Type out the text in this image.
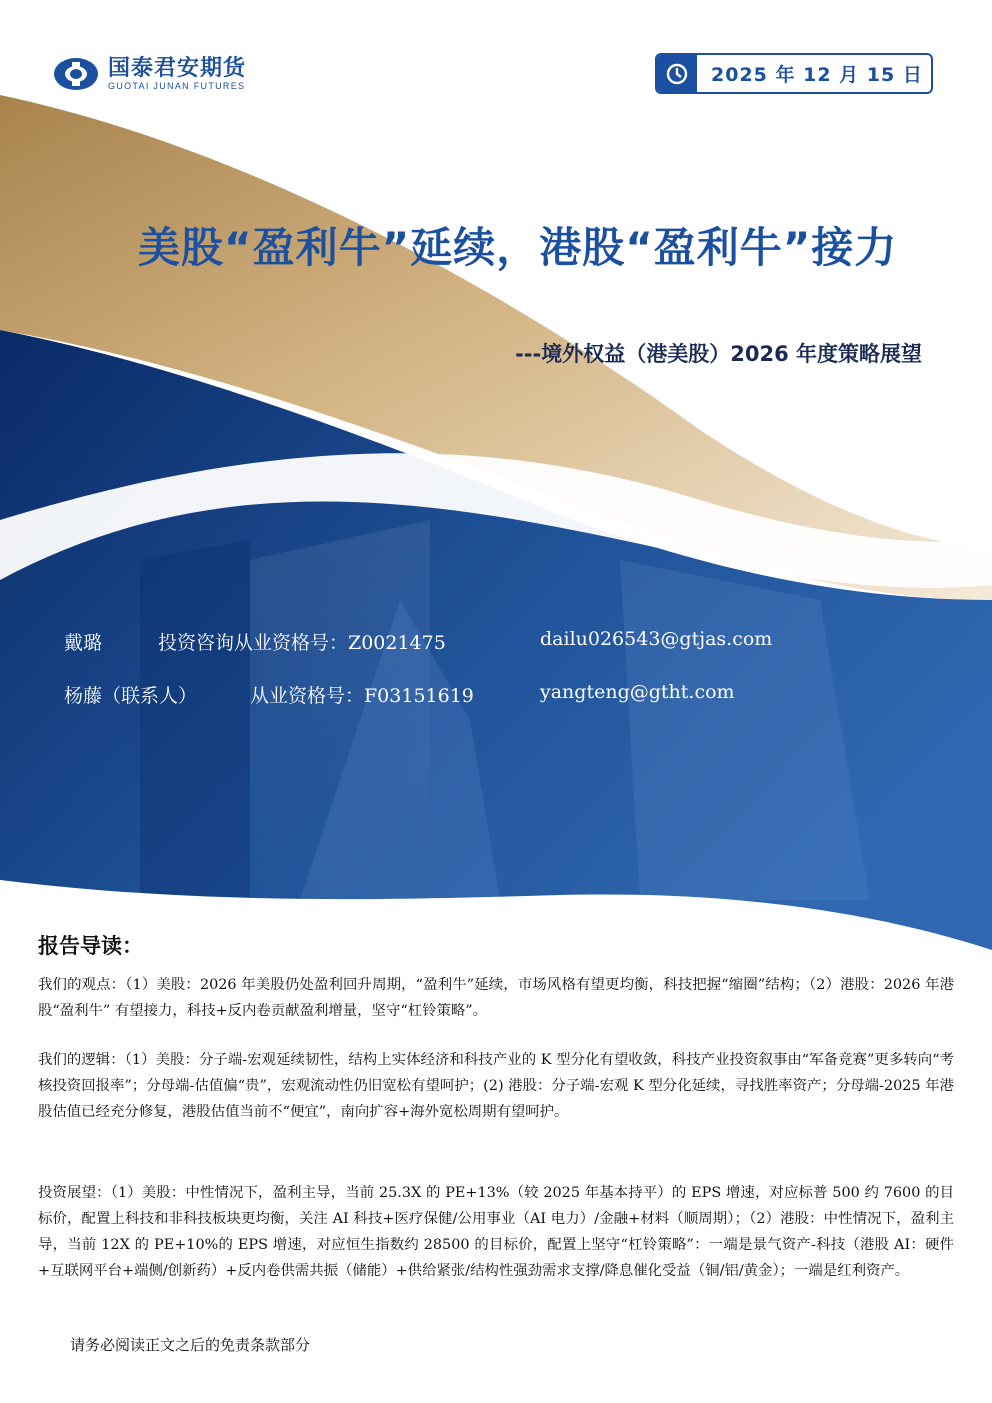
国泰君安期货
GUOTAI JUNAN FUTURES	2025 年 12 月 15 日
美股“盈利牛”延续，港股“盈利牛”接力
---境外权益（港美股）2026 年度策略展望
戴璐	投资咨询从业资格号：Z0021475	dailu026543@gtjas.com
杨藤（联系人）	从业资格号：F03151619	yangteng@gtht.com
报告导读：
我们的观点：（1）美股：2026 年美股仍处盈利回升周期，“盈利牛”延续，市场风格有望更均衡，科技把握“缩圈”结构；（2）港股：2026 年港股“盈利牛” 有望接力，科技+反内卷贡献盈利增量，坚守“杠铃策略”。
我们的逻辑：（1）美股：分子端-宏观延续韧性，结构上实体经济和科技产业的 K 型分化有望收敛，科技产业投资叙事由“军备竞赛”更多转向“考核投资回报率”；分母端-估值偏“贵”，宏观流动性仍旧宽松有望呵护；(2) 港股：分子端-宏观 K 型分化延续，寻找胜率资产；分母端-2025 年港股估值已经充分修复，港股估值当前不“便宜”，南向扩容+海外宽松周期有望呵护。
投资展望：（1）美股：中性情况下，盈利主导，当前 25.3X 的 PE+13%（较 2025 年基本持平）的 EPS 增速，对应标普 500 约 7600 的目标价，配置上科技和非科技板块更均衡，关注 AI 科技+医疗保健/公用事业（AI 电力）/金融+材料（顺周期）；（2）港股：中性情况下，盈利主导，当前 12X 的 PE+10%的 EPS 增速，对应恒生指数约 28500 的目标价，配置上坚守“杠铃策略”：一端是景气资产-科技（港股 AI：硬件+互联网平台+端侧/创新药）+反内卷供需共振（储能）+供给紧张/结构性强劲需求支撑/降息催化受益（铜/铝/黄金）；一端是红利资产。
请务必阅读正文之后的免责条款部分
